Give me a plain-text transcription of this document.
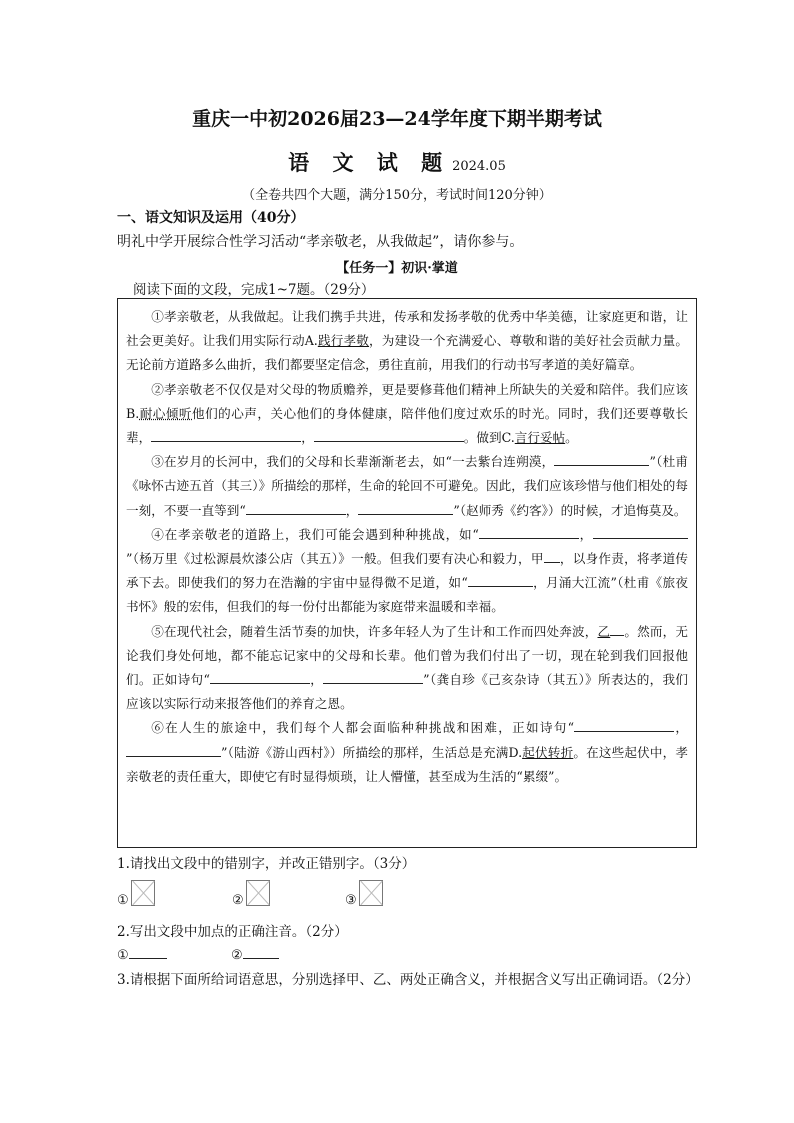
重庆一中初2026届23—24学年度下期半期考试
语 文 试 题 2024.05
（全卷共四个大题，满分150分，考试时间120分钟）
一、语文知识及运用（40分）
明礼中学开展综合性学习活动“孝亲敬老，从我做起”，请你参与。
【任务一】初识·掌道
阅读下面的文段，完成1~7题。（29分）

①孝亲敬老，从我做起。让我们携手共进，传承和发扬孝敬的优秀中华美德，让家庭更和谐，让社会更美好。让我们用实际行动A.践行孝敬，为建设一个充满爱心、尊敬和谐的美好社会贡献力量。无论前方道路多么曲折，我们都要坚定信念，勇往直前，用我们的行动书写孝道的美好篇章。

②孝亲敬老不仅仅是对父母的物质赡养，更是要修葺他们精神上所缺失的关爱和陪伴。我们应该B.耐心倾听他们的心声，关心他们的身体健康，陪伴他们度过欢乐的时光。同时，我们还要尊敬长辈，	，	。做到C.言行妥帖。

③在岁月的长河中，我们的父母和长辈渐渐老去，如“一去紫台连朔漠，	”（杜甫《咏怀古迹五首（其三）》所描绘的那样，生命的轮回不可避免。因此，我们应该珍惜与他们相处的每一刻，不要一直等到“	，	”（赵师秀《约客》）的时候，才追悔莫及。

④在孝亲敬老的道路上，我们可能会遇到种种挑战，如“	，”（杨万里《过松源晨炊漆公店（其五）》一般。但我们要有决心和毅力，甲 ，以身作责，将孝道传承下去。即使我们的努力在浩瀚的宇宙中显得微不足道，如“	，月涌大江流”（杜甫《旅夜书怀》般的宏伟，但我们的每一份付出都能为家庭带来温暖和幸福。

⑤在现代社会，随着生活节奏的加快，许多年轻人为了生计和工作而四处奔波，乙 。然而，无论我们身处何地，都不能忘记家中的父母和长辈。他们曾为我们付出了一切，现在轮到我们回报他们。正如诗句“	，	”（龚自珍《己亥杂诗（其五）》所表达的，我们应该以实际行动来报答他们的养育之恩。

⑥在人生的旅途中，我们每个人都会面临种种挑战和困难，正如诗句“	，”（陆游《游山西村》）所描绘的那样，生活总是充满D.起伏转折。在这些起伏中，孝亲敬老的责任重大，即使它有时显得烦琐，让人懵懂，甚至成为生活的“累缀”。

1.请找出文段中的错别字，并改正错别字。（3分）
①	②	③
2.写出文段中加点的正确注音。（2分）
①	②
3.请根据下面所给词语意思，分别选择甲、乙、两处正确含义，并根据含义写出正确词语。（2分）
